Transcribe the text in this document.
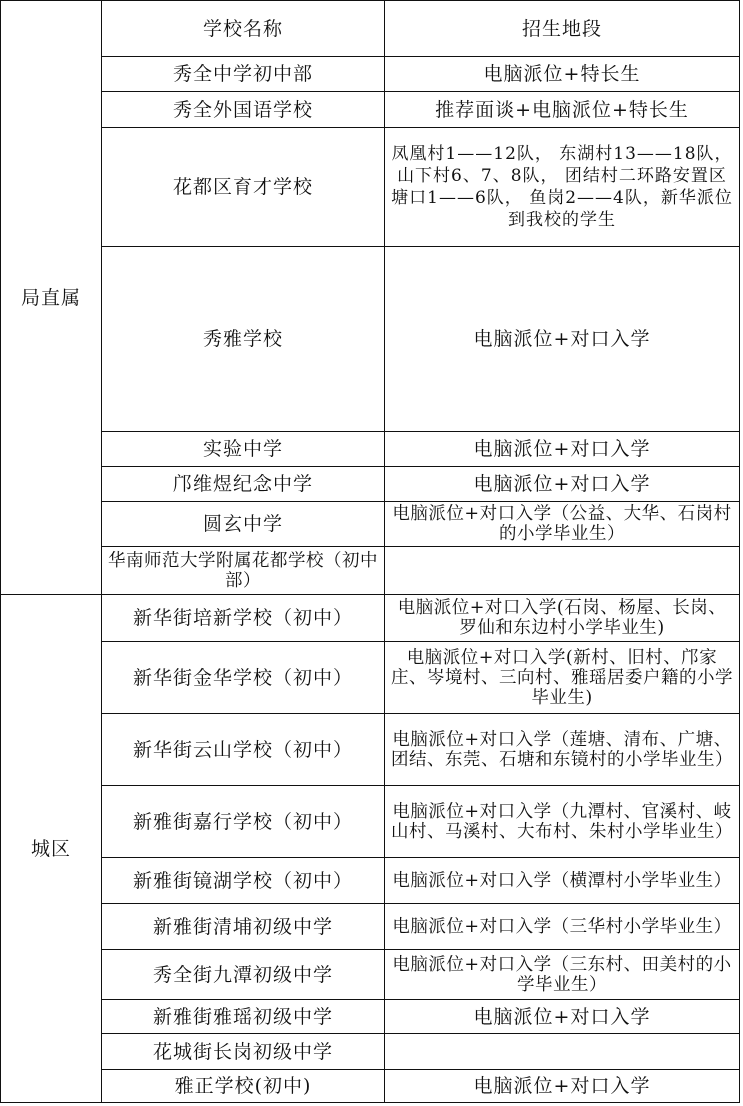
局直属	学校名称	招生地段
	秀全中学初中部	电脑派位+特长生
	秀全外国语学校	推荐面谈+电脑派位+特长生
	花都区育才学校	凤凰村1——12队， 东湖村13——18队， 山下村6、7、8队， 团结村二环路安置区塘口1——6队， 鱼岗2——4队，新华派位到我校的学生
	秀雅学校	电脑派位+对口入学
	实验中学	电脑派位+对口入学
	邝维煜纪念中学	电脑派位+对口入学
	圆玄中学	电脑派位+对口入学（公益、大华、石岗村的小学毕业生）
	华南师范大学附属花都学校（初中部）	
城区	新华街培新学校（初中）	电脑派位+对口入学(石岗、杨屋、长岗、罗仙和东边村小学毕业生)
	新华街金华学校（初中）	电脑派位+对口入学(新村、旧村、邝家庄、岑境村、三向村、雅瑶居委户籍的小学毕业生)
	新华街云山学校（初中）	电脑派位+对口入学（莲塘、清布、广塘、团结、东莞、石塘和东镜村的小学毕业生）
	新雅街嘉行学校（初中）	电脑派位+对口入学（九潭村、官溪村、岐山村、马溪村、大布村、朱村小学毕业生）
	新雅街镜湖学校（初中）	电脑派位+对口入学（横潭村小学毕业生）
	新雅街清埔初级中学	电脑派位+对口入学（三华村小学毕业生）
	秀全街九潭初级中学	电脑派位+对口入学（三东村、田美村的小学毕业生）
	新雅街雅瑶初级中学	电脑派位+对口入学
	花城街长岗初级中学	
	雅正学校(初中)	电脑派位+对口入学
